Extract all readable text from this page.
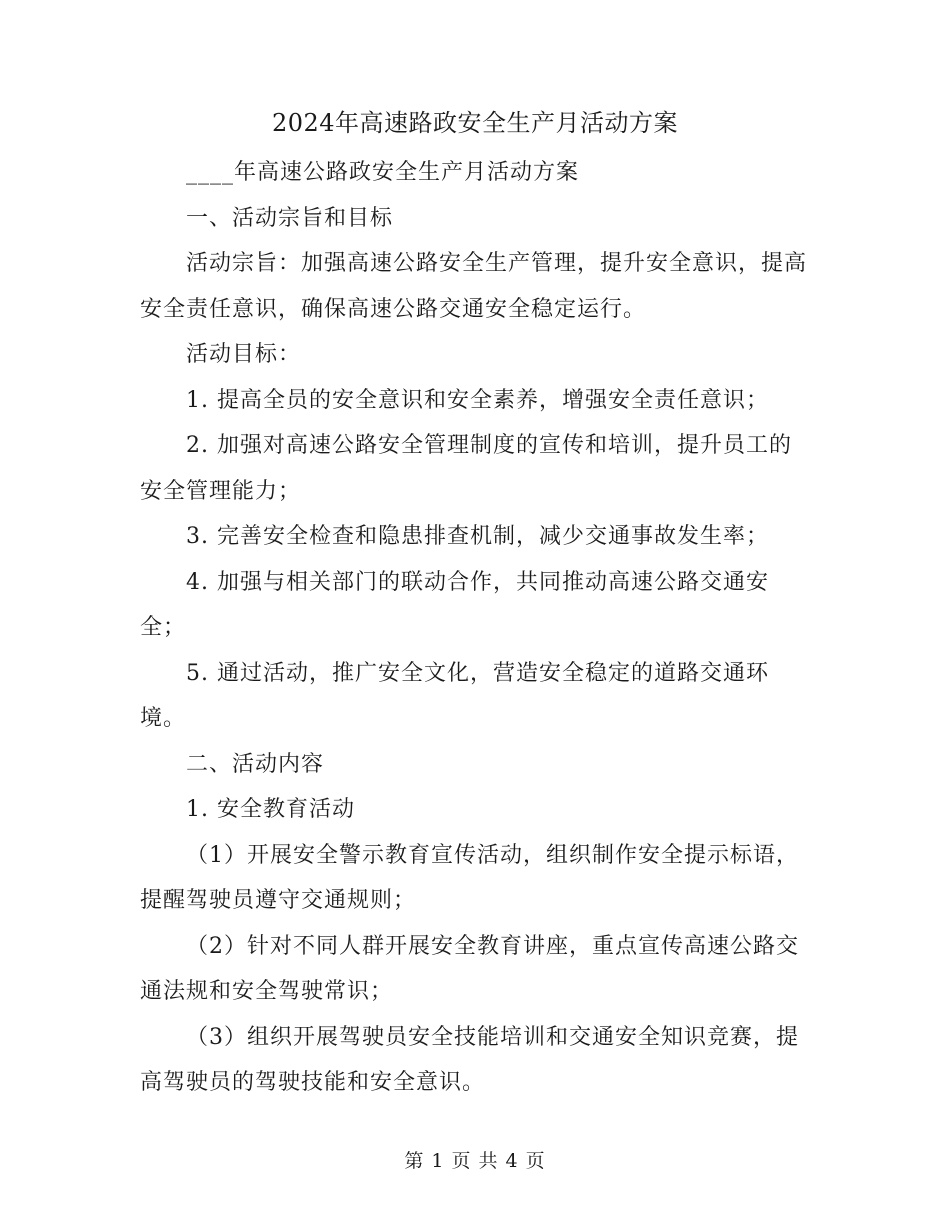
2024年高速路政安全生产月活动方案

____年高速公路政安全生产月活动方案

一、活动宗旨和目标

活动宗旨：加强高速公路安全生产管理，提升安全意识，提高安全责任意识，确保高速公路交通安全稳定运行。

活动目标：

1. 提高全员的安全意识和安全素养，增强安全责任意识；

2. 加强对高速公路安全管理制度的宣传和培训，提升员工的安全管理能力；

3. 完善安全检查和隐患排查机制，减少交通事故发生率；

4. 加强与相关部门的联动合作，共同推动高速公路交通安全；

5. 通过活动，推广安全文化，营造安全稳定的道路交通环境。

二、活动内容

1. 安全教育活动

（1）开展安全警示教育宣传活动，组织制作安全提示标语，提醒驾驶员遵守交通规则；

（2）针对不同人群开展安全教育讲座，重点宣传高速公路交通法规和安全驾驶常识；

（3）组织开展驾驶员安全技能培训和交通安全知识竞赛，提高驾驶员的驾驶技能和安全意识。

第 1 页 共 4 页
